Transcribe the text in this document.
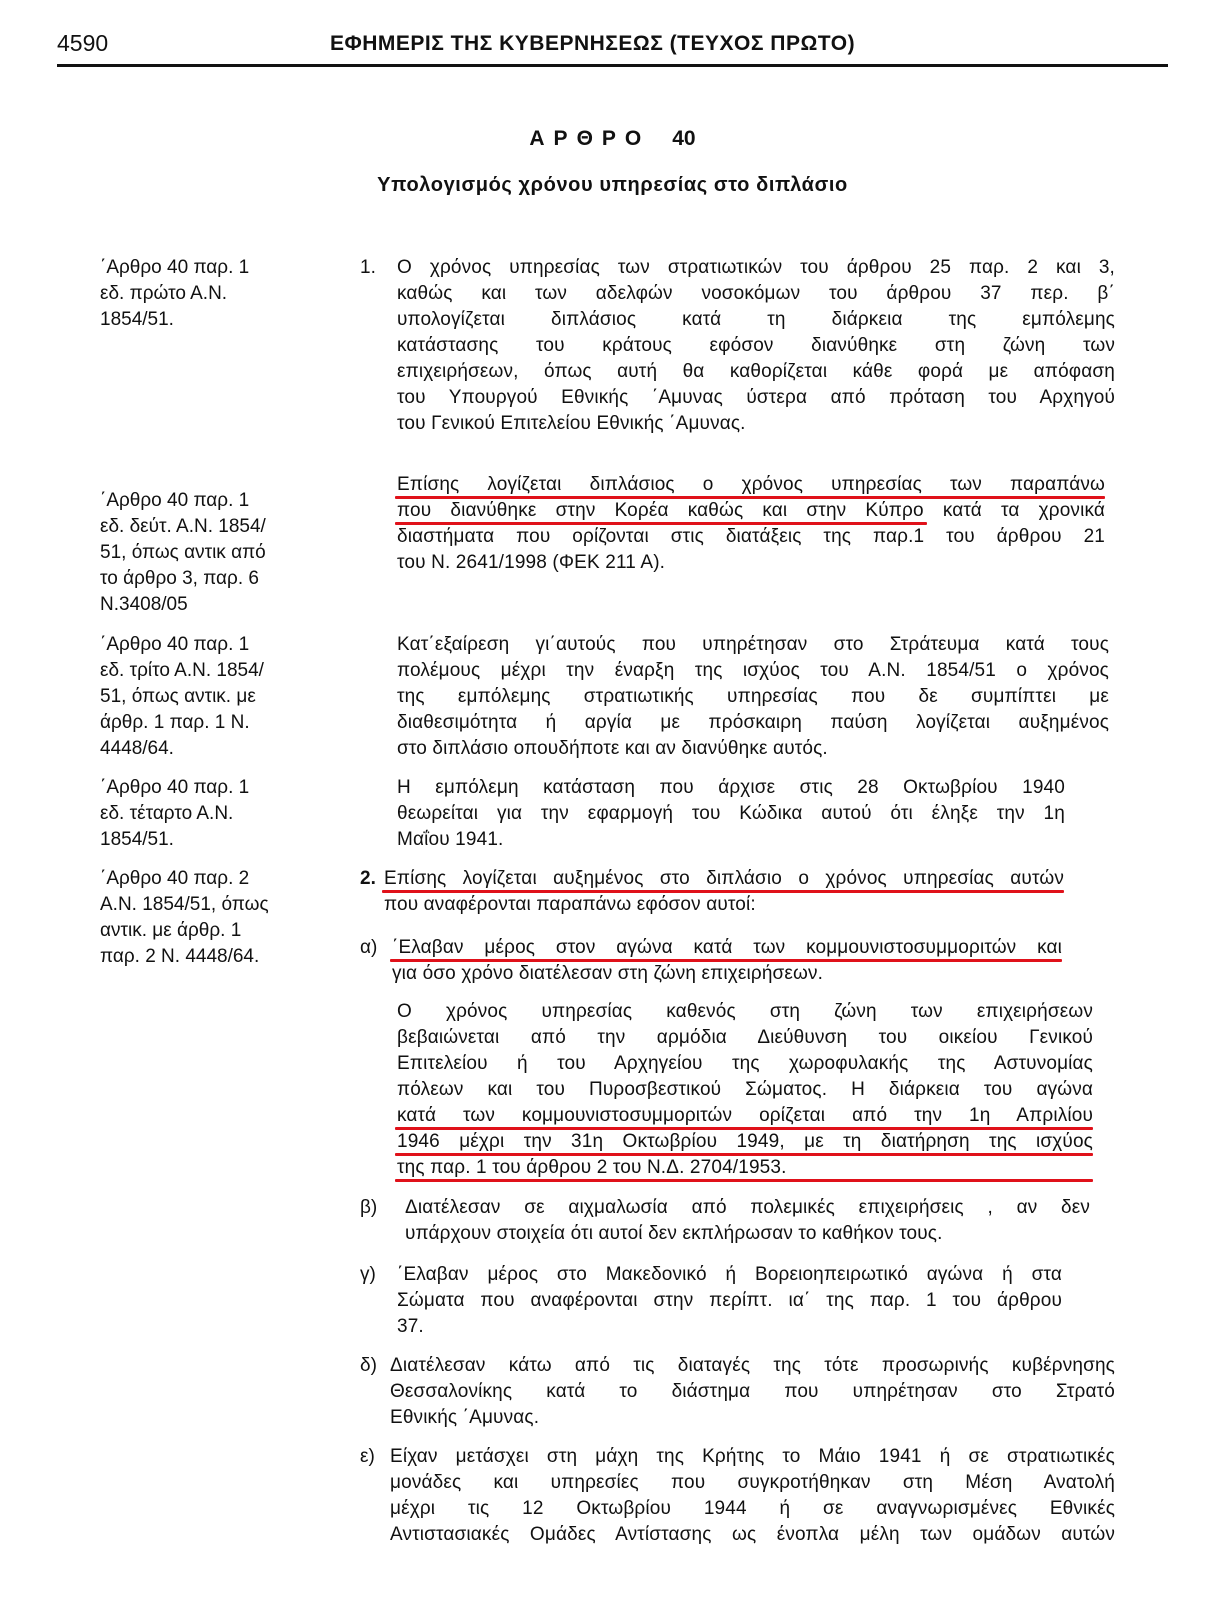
4590	ΕΦΗΜΕΡΙΣ ΤΗΣ ΚΥΒΕΡΝΗΣΕΩΣ (ΤΕΥΧΟΣ ΠΡΩΤΟ)
ΑΡΘΡΟ 40
Υπολογισμός χρόνου υπηρεσίας στο διπλάσιο
΄Αρθρο 40 παρ. 1
εδ. πρώτο Α.Ν.
1854/51.
΄Αρθρο 40 παρ. 1
εδ. δεύτ. Α.Ν. 1854/
51, όπως αντικ από
το άρθρο 3, παρ. 6
Ν.3408/05
΄Αρθρο 40 παρ. 1
εδ. τρίτο Α.Ν. 1854/
51, όπως αντικ. με
άρθρ. 1 παρ. 1 Ν.
4448/64.
΄Αρθρο 40 παρ. 1
εδ. τέταρτο Α.Ν.
1854/51.
΄Αρθρο 40 παρ. 2
Α.Ν. 1854/51, όπως
αντικ. με άρθρ. 1
παρ. 2 Ν. 4448/64.
1. Ο χρόνος υπηρεσίας των στρατιωτικών του άρθρου 25 παρ. 2 και 3,
καθώς και των αδελφών νοσοκόμων του άρθρου 37 περ. β΄
υπολογίζεται διπλάσιος κατά τη διάρκεια της εμπόλεμης
κατάστασης του κράτους εφόσον διανύθηκε στη ζώνη των
επιχειρήσεων, όπως αυτή θα καθορίζεται κάθε φορά με απόφαση
του Υπουργού Εθνικής ΄Αμυνας ύστερα από πρόταση του Αρχηγού
του Γενικού Επιτελείου Εθνικής ΄Αμυνας.
Επίσης λογίζεται διπλάσιος ο χρόνος υπηρεσίας των παραπάνω
που διανύθηκε στην Κορέα καθώς και στην Κύπρο κατά τα χρονικά
διαστήματα που ορίζονται στις διατάξεις της παρ.1 του άρθρου 21
του Ν. 2641/1998 (ΦΕΚ 211 Α).
Κατ΄εξαίρεση γι΄αυτούς που υπηρέτησαν στο Στράτευμα κατά τους
πολέμους μέχρι την έναρξη της ισχύος του Α.Ν. 1854/51 ο χρόνος
της εμπόλεμης στρατιωτικής υπηρεσίας που δε συμπίπτει με
διαθεσιμότητα ή αργία με πρόσκαιρη παύση λογίζεται αυξημένος
στο διπλάσιο οπουδήποτε και αν διανύθηκε αυτός.
Η εμπόλεμη κατάσταση που άρχισε στις 28 Οκτωβρίου 1940
θεωρείται για την εφαρμογή του Κώδικα αυτού ότι έληξε την 1η
Μαΐου 1941.
2. Επίσης λογίζεται αυξημένος στο διπλάσιο ο χρόνος υπηρεσίας αυτών
που αναφέρονται παραπάνω εφόσον αυτοί:
α) ΄Ελαβαν μέρος στον αγώνα κατά των κομμουνιστοσυμμοριτών και
για όσο χρόνο διατέλεσαν στη ζώνη επιχειρήσεων.
Ο χρόνος υπηρεσίας καθενός στη ζώνη των επιχειρήσεων
βεβαιώνεται από την αρμόδια Διεύθυνση του οικείου Γενικού
Επιτελείου ή του Αρχηγείου της χωροφυλακής της Αστυνομίας
πόλεων και του Πυροσβεστικού Σώματος. Η διάρκεια του αγώνα
κατά των κομμουνιστοσυμμοριτών ορίζεται από την 1η Απριλίου
1946 μέχρι την 31η Οκτωβρίου 1949, με τη διατήρηση της ισχύος
της παρ. 1 του άρθρου 2 του Ν.Δ. 2704/1953.
β) Διατέλεσαν σε αιχμαλωσία από πολεμικές επιχειρήσεις , αν δεν
υπάρχουν στοιχεία ότι αυτοί δεν εκπλήρωσαν το καθήκον τους.
γ) ΄Ελαβαν μέρος στο Μακεδονικό ή Βορειοηπειρωτικό αγώνα ή στα
Σώματα που αναφέρονται στην περίπτ. ια΄ της παρ. 1 του άρθρου
37.
δ) Διατέλεσαν κάτω από τις διαταγές της τότε προσωρινής κυβέρνησης
Θεσσαλονίκης κατά το διάστημα που υπηρέτησαν στο Στρατό
Εθνικής ΄Αμυνας.
ε) Είχαν μετάσχει στη μάχη της Κρήτης το Μάιο 1941 ή σε στρατιωτικές
μονάδες και υπηρεσίες που συγκροτήθηκαν στη Μέση Ανατολή
μέχρι τις 12 Οκτωβρίου 1944 ή σε αναγνωρισμένες Εθνικές
Αντιστασιακές Ομάδες Αντίστασης ως ένοπλα μέλη των ομάδων αυτών
